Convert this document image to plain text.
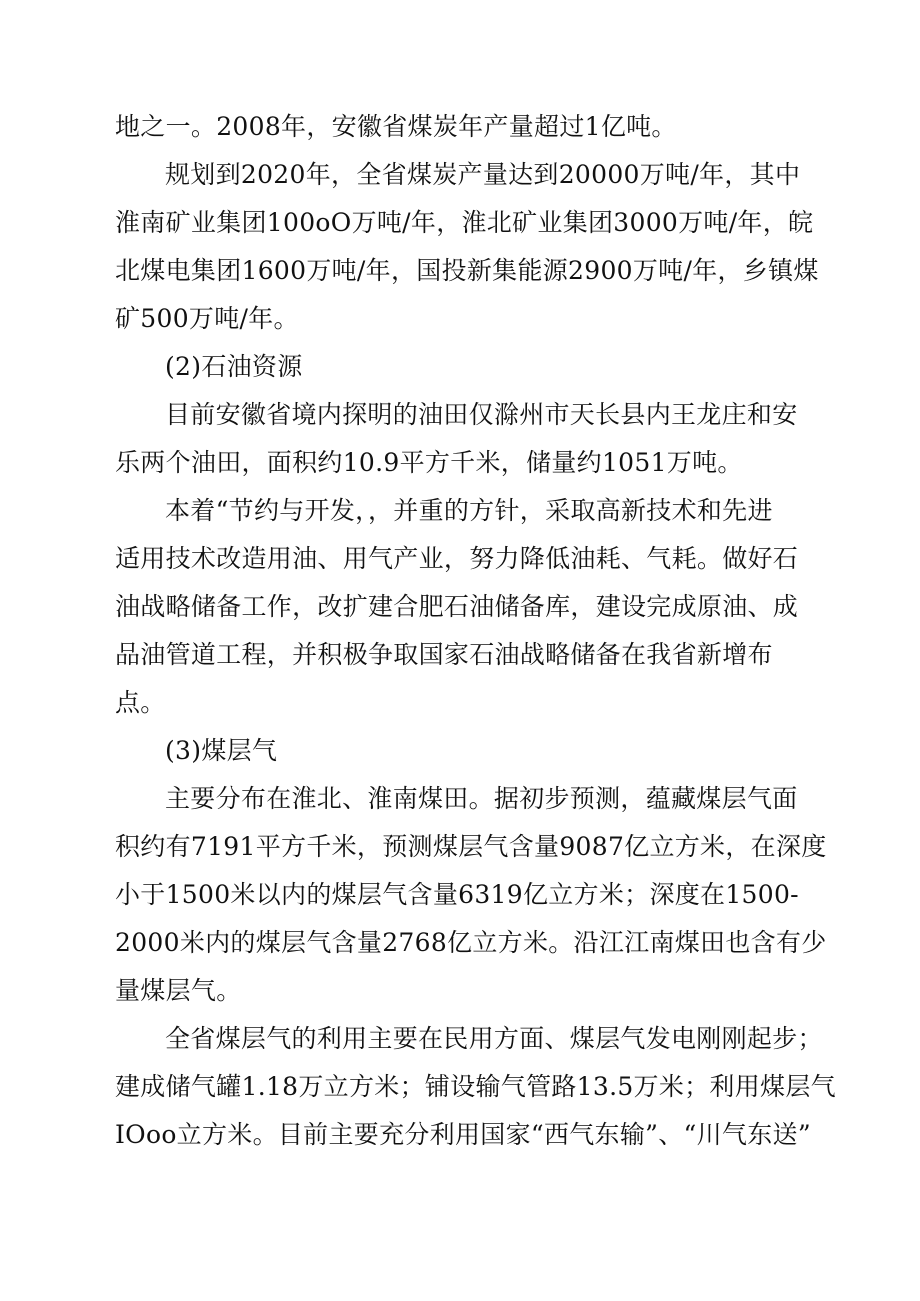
地之一。2008年，安徽省煤炭年产量超过1亿吨。
规划到2020年，全省煤炭产量达到20000万吨/年，其中
淮南矿业集团100oO万吨/年，淮北矿业集团3000万吨/年，皖
北煤电集团1600万吨/年，国投新集能源2900万吨/年，乡镇煤
矿500万吨/年。
(2)石油资源
目前安徽省境内探明的油田仅滁州市天长县内王龙庄和安
乐两个油田，面积约10.9平方千米，储量约1051万吨。
本着“节约与开发，，并重的方针，采取高新技术和先进
适用技术改造用油、用气产业，努力降低油耗、气耗。做好石
油战略储备工作，改扩建合肥石油储备库，建设完成原油、成
品油管道工程，并积极争取国家石油战略储备在我省新增布
点。
(3)煤层气
主要分布在淮北、淮南煤田。据初步预测，蕴藏煤层气面
积约有7191平方千米，预测煤层气含量9087亿立方米，在深度
小于1500米以内的煤层气含量6319亿立方米；深度在1500-
2000米内的煤层气含量2768亿立方米。沿江江南煤田也含有少
量煤层气。
全省煤层气的利用主要在民用方面、煤层气发电刚刚起步；
建成储气罐1.18万立方米；铺设输气管路13.5万米；利用煤层气
IOoo立方米。目前主要充分利用国家“西气东输”、“川气东送”
